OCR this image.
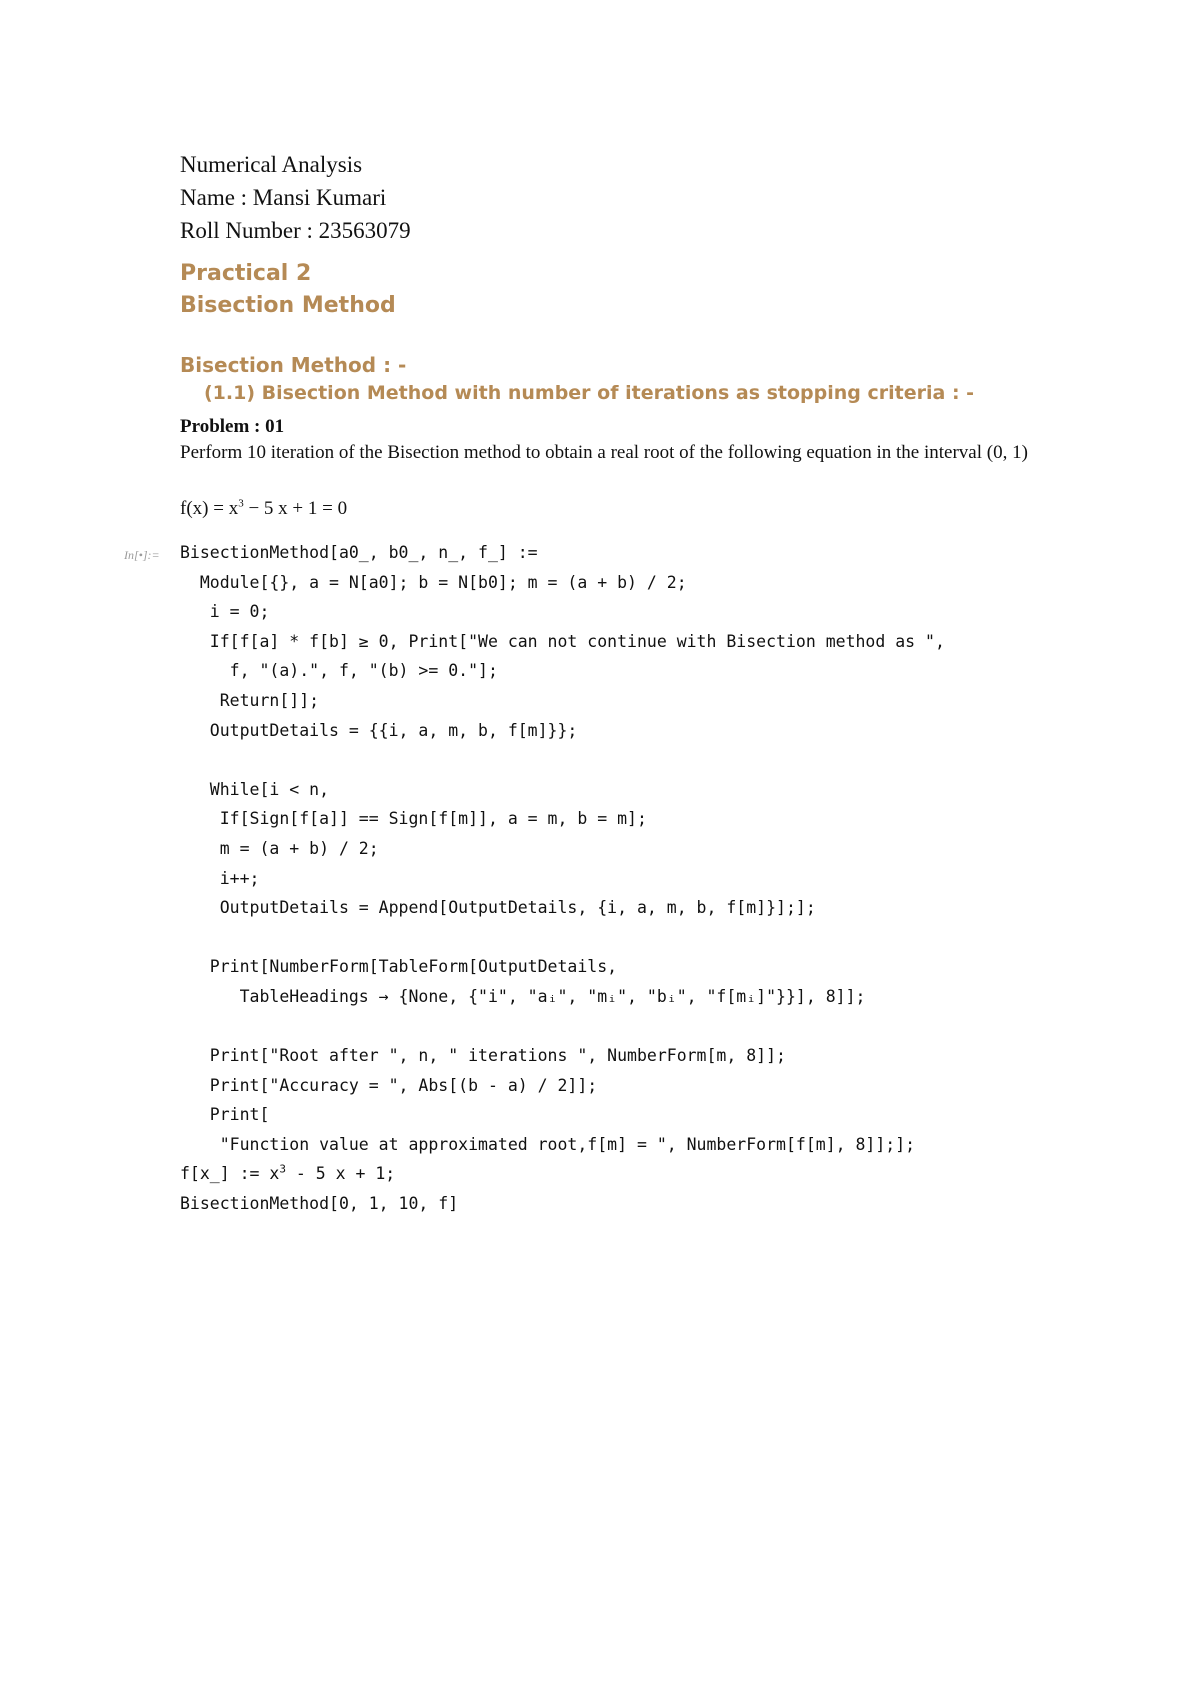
Numerical Analysis
Name : Mansi Kumari
Roll Number : 23563079
Practical 2
Bisection Method
Bisection Method : -
(1.1) Bisection Method with number of iterations as stopping criteria : -
Problem : 01
Perform 10 iteration of the Bisection method to obtain a real root of the following equation in the interval (0, 1)
$f(x) = x^3 - 5$ x + 1 = 0
In[•]:= BisectionMethod[a0_, b0_, n_, f_] :=
Module[{}, a = N[a0]; b = N[b0]; m = (a + b) / 2;
i = 0;
If[f[a] * f[b] ≥ 0, Print["We can not continue with Bisection method as ",
f, "(a).", f, "(b) >= 0."];
Return[]];
OutputDetails = {{i, a, m, b, f[m]}};
While[i < n,
If[Sign[f[a]] == Sign[f[m]], a = m, b = m];
m = (a + b) / 2;
i++;
OutputDetails = Append[OutputDetails, {i, a, m, b, f[m]}];];
Print[NumberForm[TableForm[OutputDetails,
TableHeadings → {None, {"i", "aᵢ", "mᵢ", "bᵢ", "f[mᵢ]"}}], 8]];
Print["Root after ", n, " iterations ", NumberForm[m, 8]];
Print["Accuracy = ", Abs[(b - a) / 2]];
Print[
"Function value at approximated root,f[m] = ", NumberForm[f[m], 8]];];
f[x_] := $x^3 - 5$ x + 1;
BisectionMethod[0, 1, 10, f]
